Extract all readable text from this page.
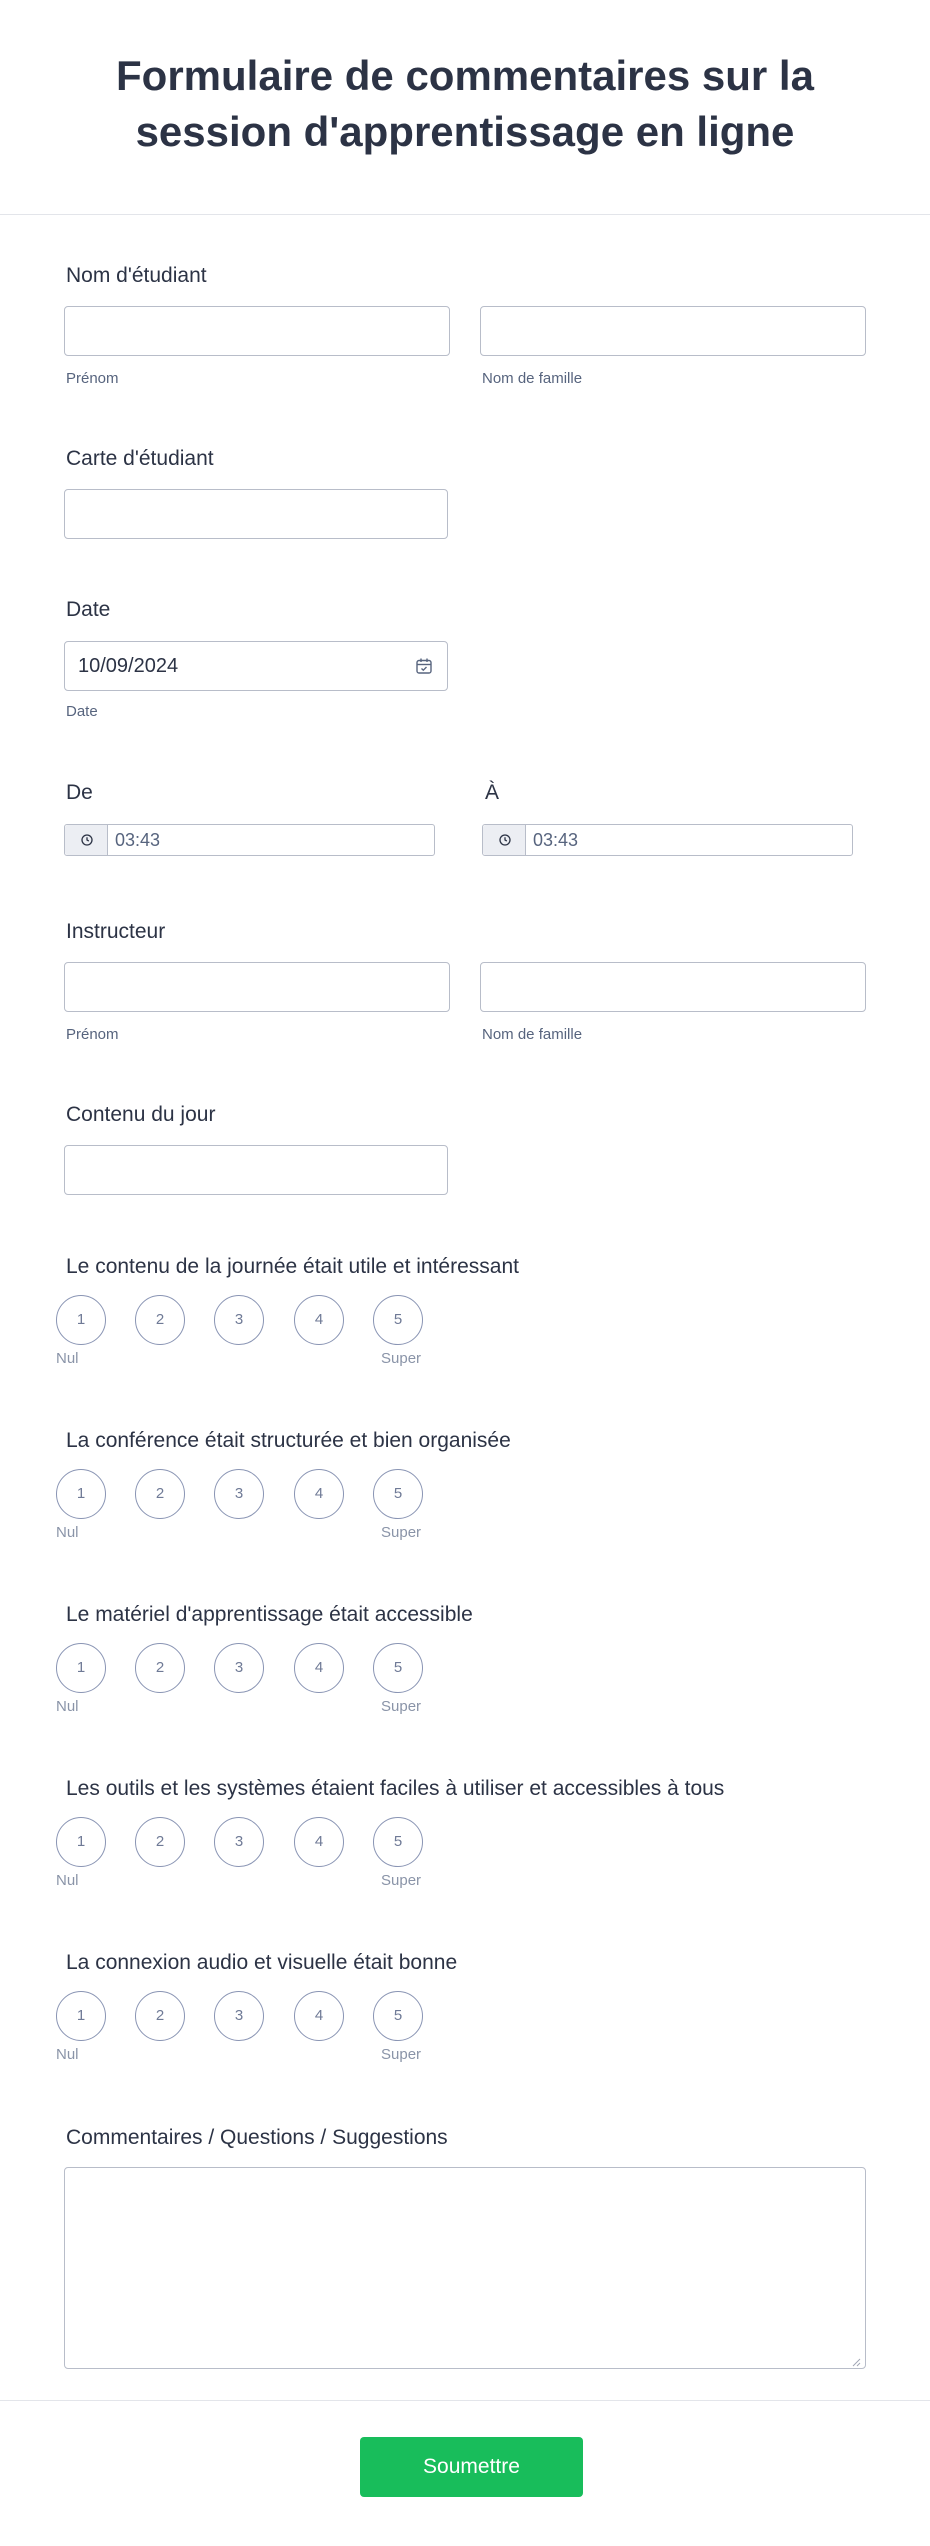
Formulaire de commentaires sur la
session d'apprentissage en ligne
Nom d'étudiant
Prénom	Nom de famille
Carte d'étudiant
Date
10/09/2024
Date
De	À
03:43	03:43
Instructeur
Prénom	Nom de famille
Contenu du jour
Le contenu de la journée était utile et intéressant
1	2	3	4	5
Nul	Super
La conférence était structurée et bien organisée
1	2	3	4	5
Nul	Super
Le matériel d'apprentissage était accessible
1	2	3	4	5
Nul	Super
Les outils et les systèmes étaient faciles à utiliser et accessibles à tous
1	2	3	4	5
Nul	Super
La connexion audio et visuelle était bonne
1	2	3	4	5
Nul	Super
Commentaires / Questions / Suggestions
Soumettre
